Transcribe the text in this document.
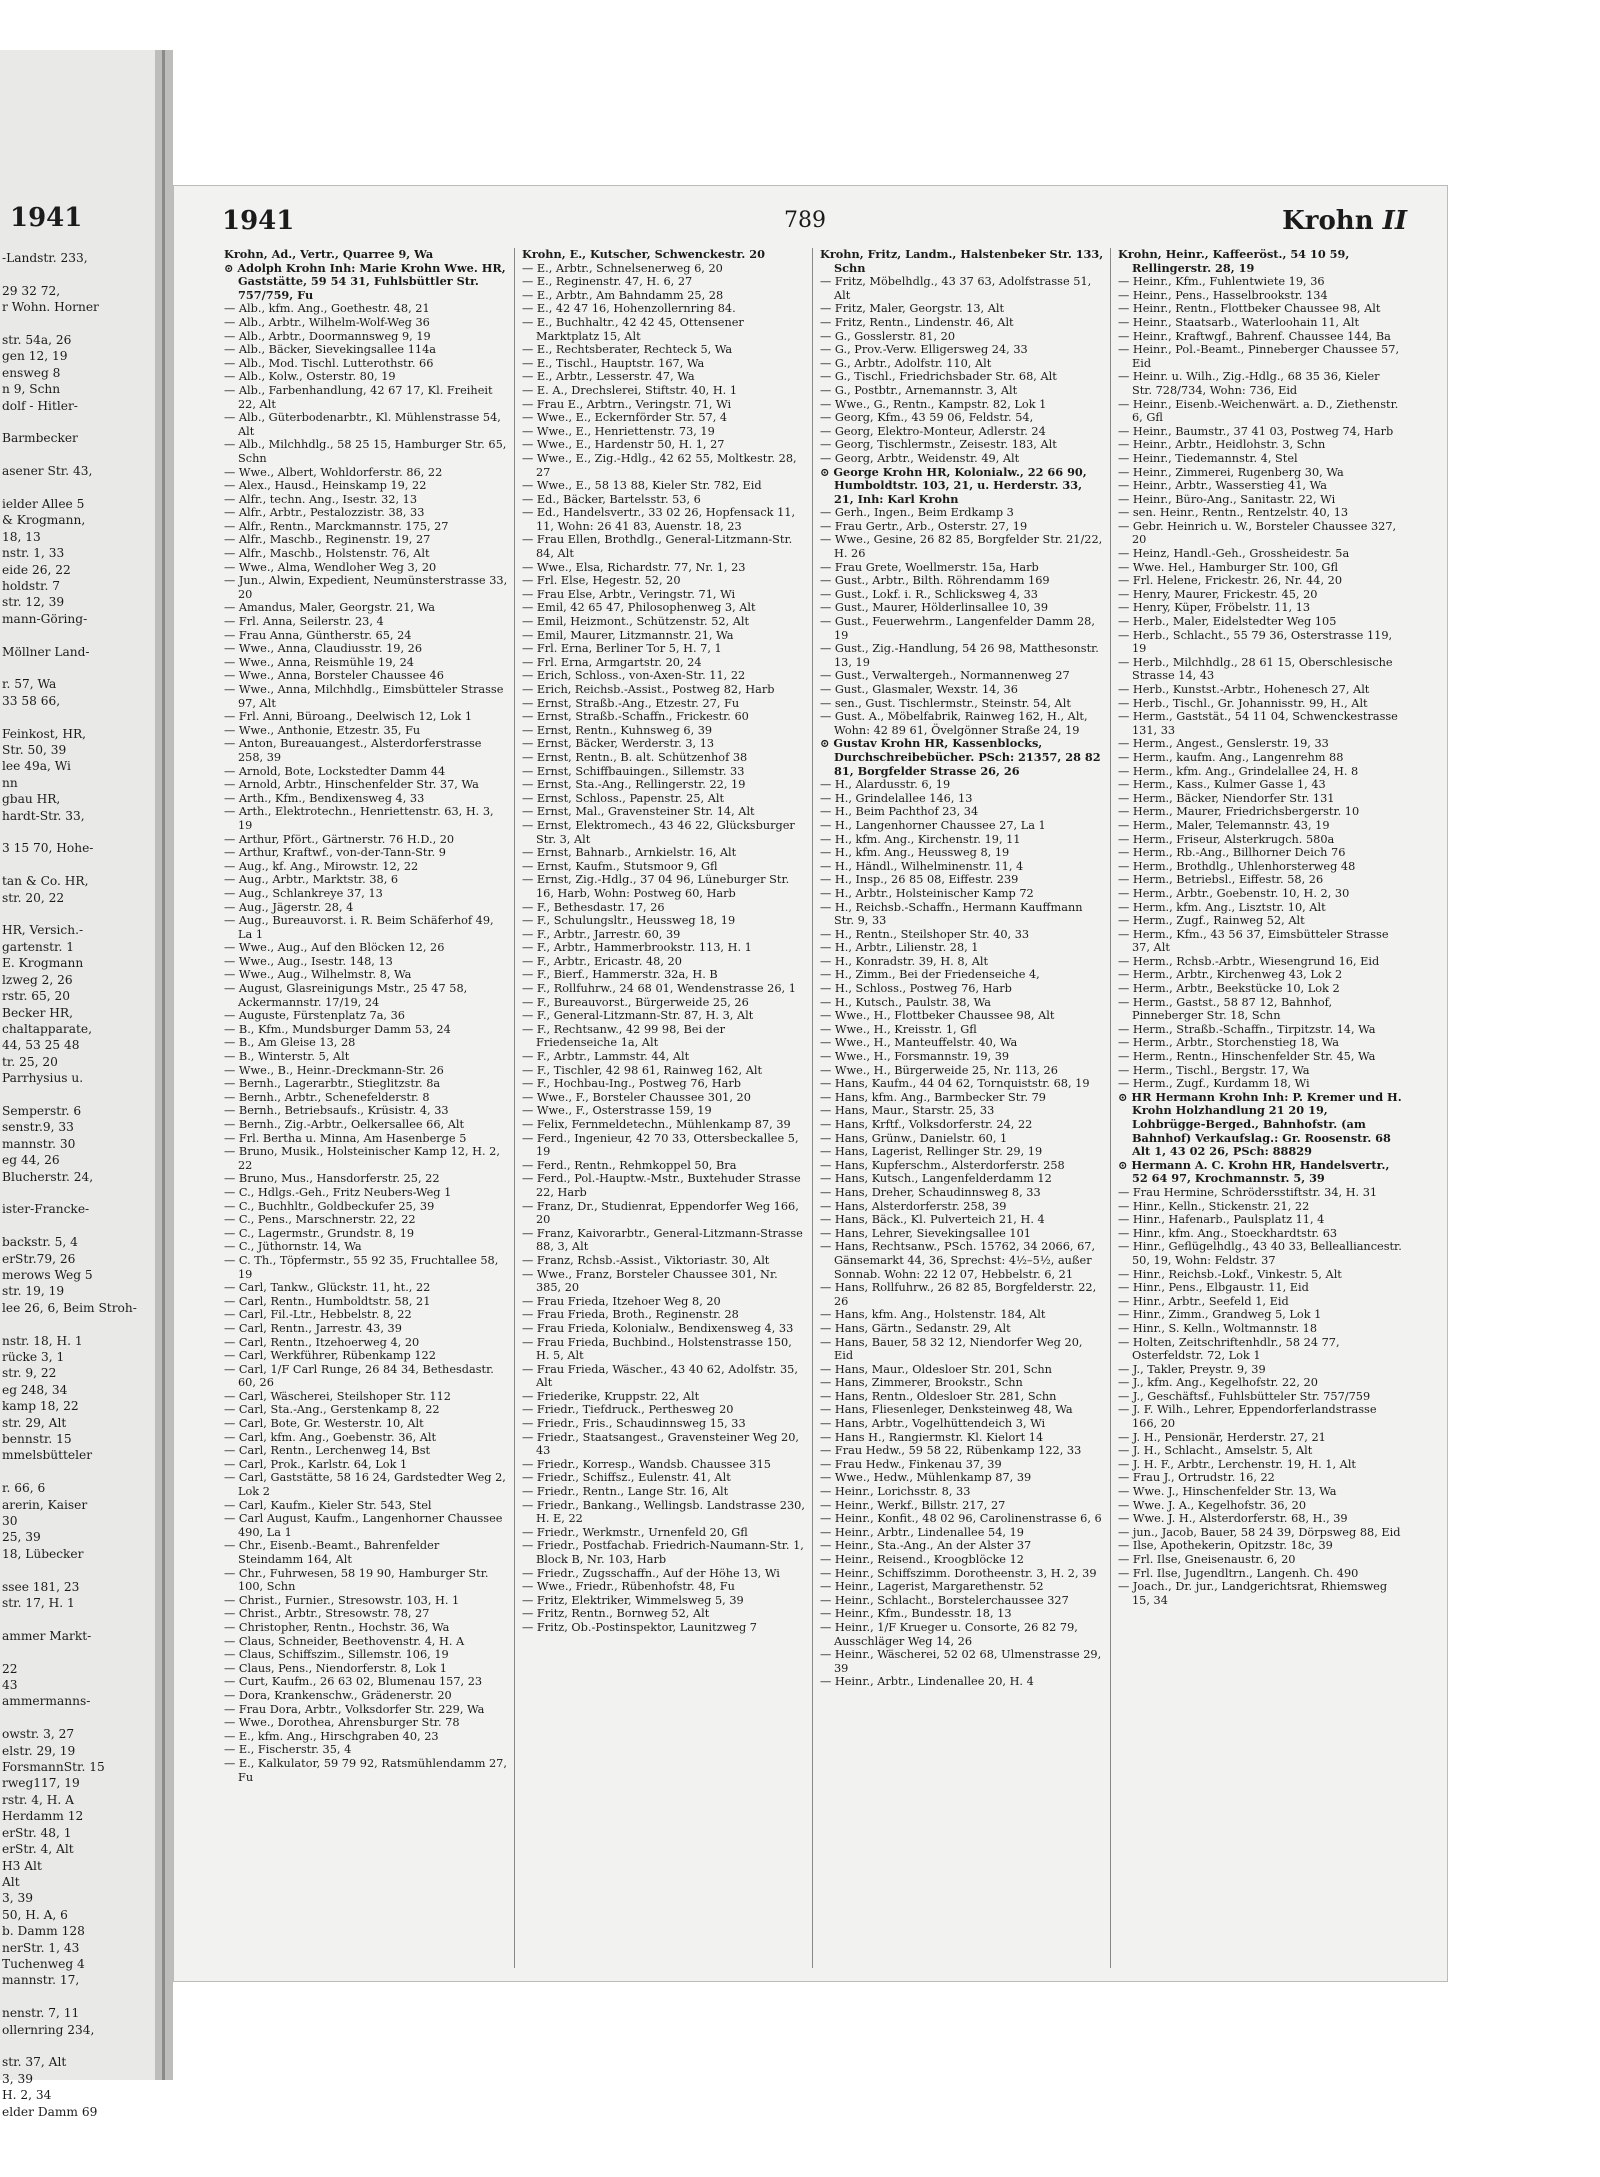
1941
-Landstr. 233,
29 32 72,
r Wohn. Horner
str. 54a, 26
gen 12, 19
ensweg 8
n 9, Schn
dolf - Hitler-
Barmbecker
asener Str. 43,
ielder Allee 5
& Krogmann,
18, 13
nstr. 1, 33
eide 26, 22
holdstr. 7
str. 12, 39
mann-Göring-
Möllner Land-
r. 57, Wa
33 58 66,
Feinkost, HR,
Str. 50, 39
lee 49a, Wi
nn
gbau HR,
hardt-Str. 33,
3 15 70, Hohe-
tan & Co. HR,
str. 20, 22
HR, Versich.-
gartenstr. 1
E. Krogmann
lzweg 2, 26
rstr. 65, 20
Becker HR,
chaltapparate,
44, 53 25 48
tr. 25, 20
Parrhysius u.
Semperstr. 6
senstr.9, 33
mannstr. 30
eg 44, 26
Blucherstr. 24,
ister-Francke-
backstr. 5, 4
erStr.79, 26
merows Weg 5
str. 19, 19
lee 26, 6, Beim Stroh-
nstr. 18, H. 1
rücke 3, 1
str. 9, 22
eg 248, 34
kamp 18, 22
str. 29, Alt
bennstr. 15
mmelsbütteler
r. 66, 6
arerin, Kaiser
30
25, 39
18, Lübecker
ssee 181, 23
str. 17, H. 1
ammer Markt-
22
43
ammermanns-
owstr. 3, 27
elstr. 29, 19
ForsmannStr. 15
rweg117, 19
rstr. 4, H. A
Herdamm 12
erStr. 48, 1
erStr. 4, Alt
H3 Alt
Alt
3, 39
50, H. A, 6
b. Damm 128
nerStr. 1, 43
Tuchenweg 4
mannstr. 17,
nenstr. 7, 11
ollernring 234,
str. 37, Alt
3, 39
H. 2, 34
elder Damm 69
1941	789	Krohn II
Krohn, Ad., Vertr., Quarree 9, Wa
⊙ Adolph Krohn Inh: Marie Krohn Wwe. HR, Gaststätte, 59 54 31, Fuhlsbüttler Str. 757/759, Fu
— Alb., kfm. Ang., Goethestr. 48, 21
— Alb., Arbtr., Wilhelm-Wolf-Weg 36
— Alb., Arbtr., Doormannsweg 9, 19
— Alb., Bäcker, Sievekingsallee 114a
— Alb., Mod. Tischl. Lutterothstr. 66
— Alb., Kolw., Osterstr. 80, 19
— Alb., Farbenhandlung, 42 67 17, Kl. Freiheit 22, Alt
— Alb., Güterbodenarbtr., Kl. Mühlenstrasse 54, Alt
— Alb., Milchhdlg., 58 25 15, Hamburger Str. 65, Schn
— Wwe., Albert, Wohldorferstr. 86, 22
— Alex., Hausd., Heinskamp 19, 22
— Alfr., techn. Ang., Isestr. 32, 13
— Alfr., Arbtr., Pestalozzistr. 38, 33
— Alfr., Rentn., Marckmannstr. 175, 27
— Alfr., Maschb., Reginenstr. 19, 27
— Alfr., Maschb., Holstenstr. 76, Alt
— Wwe., Alma, Wendloher Weg 3, 20
— Jun., Alwin, Expedient, Neumünsterstrasse 33, 20
— Amandus, Maler, Georgstr. 21, Wa
— Frl. Anna, Seilerstr. 23, 4
— Frau Anna, Güntherstr. 65, 24
— Wwe., Anna, Claudiusstr. 19, 26
— Wwe., Anna, Reismühle 19, 24
— Wwe., Anna, Borsteler Chaussee 46
— Wwe., Anna, Milchhdlg., Eimsbütteler Strasse 97, Alt
— Frl. Anni, Büroang., Deelwisch 12, Lok 1
— Wwe., Anthonie, Etzestr. 35, Fu
— Anton, Bureauangest., Alsterdorferstrasse 258, 39
— Arnold, Bote, Lockstedter Damm 44
— Arnold, Arbtr., Hinschenfelder Str. 37, Wa
— Arth., Kfm., Bendixensweg 4, 33
— Arth., Elektrotechn., Henriettenstr. 63, H. 3, 19
— Arthur, Pfört., Gärtnerstr. 76 H.D., 20
— Arthur, Kraftwf., von-der-Tann-Str. 9
— Aug., kf. Ang., Mirowstr. 12, 22
— Aug., Arbtr., Marktstr. 38, 6
— Aug., Schlankreye 37, 13
— Aug., Jägerstr. 28, 4
— Aug., Bureauvorst. i. R. Beim Schäferhof 49, La 1
— Wwe., Aug., Auf den Blöcken 12, 26
— Wwe., Aug., Isestr. 148, 13
— Wwe., Aug., Wilhelmstr. 8, Wa
— August, Glasreinigungs Mstr., 25 47 58, Ackermannstr. 17/19, 24
— Auguste, Fürstenplatz 7a, 36
— B., Kfm., Mundsburger Damm 53, 24
— B., Am Gleise 13, 28
— B., Winterstr. 5, Alt
— Wwe., B., Heinr.-Dreckmann-Str. 26
— Bernh., Lagerarbtr., Stieglitzstr. 8a
— Bernh., Arbtr., Schenefelderstr. 8
— Bernh., Betriebsaufs., Krüsistr. 4, 33
— Bernh., Zig.-Arbtr., Oelkersallee 66, Alt
— Frl. Bertha u. Minna, Am Hasenberge 5
— Bruno, Musik., Holsteinischer Kamp 12, H. 2, 22
— Bruno, Mus., Hansdorferstr. 25, 22
— C., Hdlgs.-Geh., Fritz Neubers-Weg 1
— C., Buchhltr., Goldbeckufer 25, 39
— C., Pens., Marschnerstr. 22, 22
— C., Lagermstr., Grundstr. 8, 19
— C., Jüthornstr. 14, Wa
— C. Th., Töpfermstr., 55 92 35, Fruchtallee 58, 19
— Carl, Tankw., Glückstr. 11, ht., 22
— Carl, Rentn., Humboldtstr. 58, 21
— Carl, Fil.-Ltr., Hebbelstr. 8, 22
— Carl, Rentn., Jarrestr. 43, 39
— Carl, Rentn., Itzehoerweg 4, 20
— Carl, Werkführer, Rübenkamp 122
— Carl, 1/F Carl Runge, 26 84 34, Bethesdastr. 60, 26
— Carl, Wäscherei, Steilshoper Str. 112
— Carl, Sta.-Ang., Gerstenkamp 8, 22
— Carl, Bote, Gr. Westerstr. 10, Alt
— Carl, kfm. Ang., Goebenstr. 36, Alt
— Carl, Rentn., Lerchenweg 14, Bst
— Carl, Prok., Karlstr. 64, Lok 1
— Carl, Gaststätte, 58 16 24, Gardstedter Weg 2, Lok 2
— Carl, Kaufm., Kieler Str. 543, Stel
— Carl August, Kaufm., Langenhorner Chaussee 490, La 1
— Chr., Eisenb.-Beamt., Bahrenfelder Steindamm 164, Alt
— Chr., Fuhrwesen, 58 19 90, Hamburger Str. 100, Schn
— Christ., Furnier., Stresowstr. 103, H. 1
— Christ., Arbtr., Stresowstr. 78, 27
— Christopher, Rentn., Hochstr. 36, Wa
— Claus, Schneider, Beethovenstr. 4, H. A
— Claus, Schiffszim., Sillemstr. 106, 19
— Claus, Pens., Niendorferstr. 8, Lok 1
— Curt, Kaufm., 26 63 02, Blumenau 157, 23
— Dora, Krankenschw., Grädenerstr. 20
— Frau Dora, Arbtr., Volksdorfer Str. 229, Wa
— Wwe., Dorothea, Ahrensburger Str. 78
— E., kfm. Ang., Hirschgraben 40, 23
— E., Fischerstr. 35, 4
— E., Kalkulator, 59 79 92, Ratsmühlendamm 27, Fu
Krohn, E., Kutscher, Schwenckestr. 20
— E., Arbtr., Schnelsenerweg 6, 20
— E., Reginenstr. 47, H. 6, 27
— E., Arbtr., Am Bahndamm 25, 28
— E., 42 47 16, Hohenzollernring 84.
— E., Buchhaltr., 42 42 45, Ottensener Marktplatz 15, Alt
— E., Rechtsberater, Rechteck 5, Wa
— E., Tischl., Hauptstr. 167, Wa
— E., Arbtr., Lesserstr. 47, Wa
— E. A., Drechslerei, Stiftstr. 40, H. 1
— Frau E., Arbtrn., Veringstr. 71, Wi
— Wwe., E., Eckernförder Str. 57, 4
— Wwe., E., Henriettenstr. 73, 19
— Wwe., E., Hardenstr 50, H. 1, 27
— Wwe., E., Zig.-Hdlg., 42 62 55, Moltkestr. 28, 27
— Wwe., E., 58 13 88, Kieler Str. 782, Eid
— Ed., Bäcker, Bartelsstr. 53, 6
— Ed., Handelsvertr., 33 02 26, Hopfensack 11, 11, Wohn: 26 41 83, Auenstr. 18, 23
— Frau Ellen, Brothdlg., General-Litzmann-Str. 84, Alt
— Wwe., Elsa, Richardstr. 77, Nr. 1, 23
— Frl. Else, Hegestr. 52, 20
— Frau Else, Arbtr., Veringstr. 71, Wi
— Emil, 42 65 47, Philosophenweg 3, Alt
— Emil, Heizmont., Schützenstr. 52, Alt
— Emil, Maurer, Litzmannstr. 21, Wa
— Frl. Erna, Berliner Tor 5, H. 7, 1
— Frl. Erna, Armgartstr. 20, 24
— Erich, Schloss., von-Axen-Str. 11, 22
— Erich, Reichsb.-Assist., Postweg 82, Harb
— Ernst, Straßb.-Ang., Etzestr. 27, Fu
— Ernst, Straßb.-Schaffn., Frickestr. 60
— Ernst, Rentn., Kuhnsweg 6, 39
— Ernst, Bäcker, Werderstr. 3, 13
— Ernst, Rentn., B. alt. Schützenhof 38
— Ernst, Schiffbauingen., Sillemstr. 33
— Ernst, Sta.-Ang., Rellingerstr. 22, 19
— Ernst, Schloss., Papenstr. 25, Alt
— Ernst, Mal., Gravensteiner Str. 14, Alt
— Ernst, Elektromech., 43 46 22, Glücksburger Str. 3, Alt
— Ernst, Bahnarb., Arnkielstr. 16, Alt
— Ernst, Kaufm., Stutsmoor 9, Gfl
— Ernst, Zig.-Hdlg., 37 04 96, Lüneburger Str. 16, Harb, Wohn: Postweg 60, Harb
— F., Bethesdastr. 17, 26
— F., Schulungsltr., Heussweg 18, 19
— F., Arbtr., Jarrestr. 60, 39
— F., Arbtr., Hammerbrookstr. 113, H. 1
— F., Arbtr., Ericastr. 48, 20
— F., Bierf., Hammerstr. 32a, H. B
— F., Rollfuhrw., 24 68 01, Wendenstrasse 26, 1
— F., Bureauvorst., Bürgerweide 25, 26
— F., General-Litzmann-Str. 87, H. 3, Alt
— F., Rechtsanw., 42 99 98, Bei der Friedenseiche 1a, Alt
— F., Arbtr., Lammstr. 44, Alt
— F., Tischler, 42 98 61, Rainweg 162, Alt
— F., Hochbau-Ing., Postweg 76, Harb
— Wwe., F., Borsteler Chaussee 301, 20
— Wwe., F., Osterstrasse 159, 19
— Felix, Fernmeldetechn., Mühlenkamp 87, 39
— Ferd., Ingenieur, 42 70 33, Ottersbeckallee 5, 19
— Ferd., Rentn., Rehmkoppel 50, Bra
— Ferd., Pol.-Hauptw.-Mstr., Buxtehuder Strasse 22, Harb
— Franz, Dr., Studienrat, Eppendorfer Weg 166, 20
— Franz, Kaivorarbtr., General-Litzmann-Strasse 88, 3, Alt
— Franz, Rchsb.-Assist., Viktoriastr. 30, Alt
— Wwe., Franz, Borsteler Chaussee 301, Nr. 385, 20
— Frau Frieda, Itzehoer Weg 8, 20
— Frau Frieda, Broth., Reginenstr. 28
— Frau Frieda, Kolonialw., Bendixensweg 4, 33
— Frau Frieda, Buchbind., Holstenstrasse 150, H. 5, Alt
— Frau Frieda, Wäscher., 43 40 62, Adolfstr. 35, Alt
— Friederike, Kruppstr. 22, Alt
— Friedr., Tiefdruck., Perthesweg 20
— Friedr., Fris., Schaudinnsweg 15, 33
— Friedr., Staatsangest., Gravensteiner Weg 20, 43
— Friedr., Korresp., Wandsb. Chaussee 315
— Friedr., Schiffsz., Eulenstr. 41, Alt
— Friedr., Rentn., Lange Str. 16, Alt
— Friedr., Bankang., Wellingsb. Landstrasse 230, H. E, 22
— Friedr., Werkmstr., Urnenfeld 20, Gfl
— Friedr., Postfachab. Friedrich-Naumann-Str. 1, Block B, Nr. 103, Harb
— Friedr., Zugsschaffn., Auf der Höhe 13, Wi
— Wwe., Friedr., Rübenhofstr. 48, Fu
— Fritz, Elektriker, Wimmelsweg 5, 39
— Fritz, Rentn., Bornweg 52, Alt
— Fritz, Ob.-Postinspektor, Launitzweg 7
Krohn, Fritz, Landm., Halstenbeker Str. 133, Schn
— Fritz, Möbelhdlg., 43 37 63, Adolfstrasse 51, Alt
— Fritz, Maler, Georgstr. 13, Alt
— Fritz, Rentn., Lindenstr. 46, Alt
— G., Gosslerstr. 81, 20
— G., Prov.-Verw. Elligersweg 24, 33
— G., Arbtr., Adolfstr. 110, Alt
— G., Tischl., Friedrichsbader Str. 68, Alt
— G., Postbtr., Arnemannstr. 3, Alt
— Wwe., G., Rentn., Kampstr. 82, Lok 1
— Georg, Kfm., 43 59 06, Feldstr. 54,
— Georg, Elektro-Monteur, Adlerstr. 24
— Georg, Tischlermstr., Zeisestr. 183, Alt
— Georg, Arbtr., Weidenstr. 49, Alt
⊙ George Krohn HR, Kolonialw., 22 66 90, Humboldtstr. 103, 21, u. Herderstr. 33, 21, Inh: Karl Krohn
— Gerh., Ingen., Beim Erdkamp 3
— Frau Gertr., Arb., Osterstr. 27, 19
— Wwe., Gesine, 26 82 85, Borgfelder Str. 21/22, H. 26
— Frau Grete, Woellmerstr. 15a, Harb
— Gust., Arbtr., Bilth. Röhrendamm 169
— Gust., Lokf. i. R., Schlicksweg 4, 33
— Gust., Maurer, Hölderlinsallee 10, 39
— Gust., Feuerwehrm., Langenfelder Damm 28, 19
— Gust., Zig.-Handlung, 54 26 98, Matthesonstr. 13, 19
— Gust., Verwaltergeh., Normannenweg 27
— Gust., Glasmaler, Wexstr. 14, 36
— sen., Gust. Tischlermstr., Steinstr. 54, Alt
— Gust. A., Möbelfabrik, Rainweg 162, H., Alt, Wohn: 42 89 61, Övelgönner Straße 24, 19
⊙ Gustav Krohn HR, Kassenblocks, Durchschreibebücher. PSch: 21357, 28 82 81, Borgfelder Strasse 26, 26
— H., Alardusstr. 6, 19
— H., Grindelallee 146, 13
— H., Beim Pachthof 23, 34
— H., Langenhorner Chaussee 27, La 1
— H., kfm. Ang., Kirchenstr. 19, 11
— H., kfm. Ang., Heussweg 8, 19
— H., Händl., Wilhelminenstr. 11, 4
— H., Insp., 26 85 08, Eiffestr. 239
— H., Arbtr., Holsteinischer Kamp 72
— H., Reichsb.-Schaffn., Hermann Kauffmann Str. 9, 33
— H., Rentn., Steilshoper Str. 40, 33
— H., Arbtr., Lilienstr. 28, 1
— H., Konradstr. 39, H. 8, Alt
— H., Zimm., Bei der Friedenseiche 4,
— H., Schloss., Postweg 76, Harb
— H., Kutsch., Paulstr. 38, Wa
— Wwe., H., Flottbeker Chaussee 98, Alt
— Wwe., H., Kreisstr. 1, Gfl
— Wwe., H., Manteuffelstr. 40, Wa
— Wwe., H., Forsmannstr. 19, 39
— Wwe., H., Bürgerweide 25, Nr. 113, 26
— Hans, Kaufm., 44 04 62, Tornquiststr. 68, 19
— Hans, kfm. Ang., Barmbecker Str. 79
— Hans, Maur., Starstr. 25, 33
— Hans, Krftf., Volksdorferstr. 24, 22
— Hans, Grünw., Danielstr. 60, 1
— Hans, Lagerist, Rellinger Str. 29, 19
— Hans, Kupferschm., Alsterdorferstr. 258
— Hans, Kutsch., Langenfelderdamm 12
— Hans, Dreher, Schaudinnsweg 8, 33
— Hans, Alsterdorferstr. 258, 39
— Hans, Bäck., Kl. Pulverteich 21, H. 4
— Hans, Lehrer, Sievekingsallee 101
— Hans, Rechtsanw., PSch. 15762, 34 2066, 67, Gänsemarkt 44, 36, Sprechst: 4½–5½, außer Sonnab. Wohn: 22 12 07, Hebbelstr. 6, 21
— Hans, Rollfuhrw., 26 82 85, Borgfelderstr. 22, 26
— Hans, kfm. Ang., Holstenstr. 184, Alt
— Hans, Gärtn., Sedanstr. 29, Alt
— Hans, Bauer, 58 32 12, Niendorfer Weg 20, Eid
— Hans, Maur., Oldesloer Str. 201, Schn
— Hans, Zimmerer, Brookstr., Schn
— Hans, Rentn., Oldesloer Str. 281, Schn
— Hans, Fliesenleger, Denksteinweg 48, Wa
— Hans, Arbtr., Vogelhüttendeich 3, Wi
— Hans H., Rangiermstr. Kl. Kielort 14
— Frau Hedw., 59 58 22, Rübenkamp 122, 33
— Frau Hedw., Finkenau 37, 39
— Wwe., Hedw., Mühlenkamp 87, 39
— Heinr., Lorichsstr. 8, 33
— Heinr., Werkf., Billstr. 217, 27
— Heinr., Konfit., 48 02 96, Carolinenstrasse 6, 6
— Heinr., Arbtr., Lindenallee 54, 19
— Heinr., Sta.-Ang., An der Alster 37
— Heinr., Reisend., Kroogblöcke 12
— Heinr., Schiffszimm. Dorotheenstr. 3, H. 2, 39
— Heinr., Lagerist, Margarethenstr. 52
— Heinr., Schlacht., Borstelerchaussee 327
— Heinr., Kfm., Bundesstr. 18, 13
— Heinr., 1/F Krueger u. Consorte, 26 82 79, Ausschläger Weg 14, 26
— Heinr., Wäscherei, 52 02 68, Ulmenstrasse 29, 39
— Heinr., Arbtr., Lindenallee 20, H. 4
Krohn, Heinr., Kaffeeröst., 54 10 59, Rellingerstr. 28, 19
— Heinr., Kfm., Fuhlentwiete 19, 36
— Heinr., Pens., Hasselbrookstr. 134
— Heinr., Rentn., Flottbeker Chaussee 98, Alt
— Heinr., Staatsarb., Waterloohain 11, Alt
— Heinr., Kraftwgf., Bahrenf. Chaussee 144, Ba
— Heinr., Pol.-Beamt., Pinneberger Chaussee 57, Eid
— Heinr. u. Wilh., Zig.-Hdlg., 68 35 36, Kieler Str. 728/734, Wohn: 736, Eid
— Heinr., Eisenb.-Weichenwärt. a. D., Ziethenstr. 6, Gfl
— Heinr., Baumstr., 37 41 03, Postweg 74, Harb
— Heinr., Arbtr., Heidlohstr. 3, Schn
— Heinr., Tiedemannstr. 4, Stel
— Heinr., Zimmerei, Rugenberg 30, Wa
— Heinr., Arbtr., Wasserstieg 41, Wa
— Heinr., Büro-Ang., Sanitastr. 22, Wi
— sen. Heinr., Rentn., Rentzelstr. 40, 13
— Gebr. Heinrich u. W., Borsteler Chaussee 327, 20
— Heinz, Handl.-Geh., Grossheidestr. 5a
— Wwe. Hel., Hamburger Str. 100, Gfl
— Frl. Helene, Frickestr. 26, Nr. 44, 20
— Henry, Maurer, Frickestr. 45, 20
— Henry, Küper, Fröbelstr. 11, 13
— Herb., Maler, Eidelstedter Weg 105
— Herb., Schlacht., 55 79 36, Osterstrasse 119, 19
— Herb., Milchhdlg., 28 61 15, Oberschlesische Strasse 14, 43
— Herb., Kunstst.-Arbtr., Hohenesch 27, Alt
— Herb., Tischl., Gr. Johannisstr. 99, H., Alt
— Herm., Gaststät., 54 11 04, Schwenckestrasse 131, 33
— Herm., Angest., Genslerstr. 19, 33
— Herm., kaufm. Ang., Langenrehm 88
— Herm., kfm. Ang., Grindelallee 24, H. 8
— Herm., Kass., Kulmer Gasse 1, 43
— Herm., Bäcker, Niendorfer Str. 131
— Herm., Maurer, Friedrichsbergerstr. 10
— Herm., Maler, Telemannstr. 43, 19
— Herm., Friseur, Alsterkrugch. 580a
— Herm., Rb.-Ang., Billhorner Deich 76
— Herm., Brothdlg., Uhlenhorsterweg 48
— Herm., Betriebsl., Eiffestr. 58, 26
— Herm., Arbtr., Goebenstr. 10, H. 2, 30
— Herm., kfm. Ang., Lisztstr. 10, Alt
— Herm., Zugf., Rainweg 52, Alt
— Herm., Kfm., 43 56 37, Eimsbütteler Strasse 37, Alt
— Herm., Rchsb.-Arbtr., Wiesengrund 16, Eid
— Herm., Arbtr., Kirchenweg 43, Lok 2
— Herm., Arbtr., Beekstücke 10, Lok 2
— Herm., Gastst., 58 87 12, Bahnhof, Pinneberger Str. 18, Schn
— Herm., Straßb.-Schaffn., Tirpitzstr. 14, Wa
— Herm., Arbtr., Storchenstieg 18, Wa
— Herm., Rentn., Hinschenfelder Str. 45, Wa
— Herm., Tischl., Bergstr. 17, Wa
— Herm., Zugf., Kurdamm 18, Wi
⊙ HR Hermann Krohn Inh: P. Kremer und H. Krohn Holzhandlung 21 20 19, Lohbrügge-Berged., Bahnhofstr. (am Bahnhof) Verkaufslag.: Gr. Roosenstr. 68 Alt 1, 43 02 26, PSch: 88829
⊙ Hermann A. C. Krohn HR, Handelsvertr., 52 64 97, Krochmannstr. 5, 39
— Frau Hermine, Schrödersstiftstr. 34, H. 31
— Hinr., Kelln., Stickenstr. 21, 22
— Hinr., Hafenarb., Paulsplatz 11, 4
— Hinr., kfm. Ang., Stoeckhardtstr. 63
— Hinr., Geflügelhdlg., 43 40 33, Bellealliancestr. 50, 19, Wohn: Feldstr. 37
— Hinr., Reichsb.-Lokf., Vinkestr. 5, Alt
— Hinr., Pens., Elbgaustr. 11, Eid
— Hinr., Arbtr., Seefeld 1, Eid
— Hinr., Zimm., Grandweg 5, Lok 1
— Hinr., S. Kelln., Woltmannstr. 18
— Holten, Zeitschriftenhdlr., 58 24 77, Osterfeldstr. 72, Lok 1
— J., Takler, Preystr. 9, 39
— J., kfm. Ang., Kegelhofstr. 22, 20
— J., Geschäftsf., Fuhlsbütteler Str. 757/759
— J. F. Wilh., Lehrer, Eppendorferlandstrasse 166, 20
— J. H., Pensionär, Herderstr. 27, 21
— J. H., Schlacht., Amselstr. 5, Alt
— J. H. F., Arbtr., Lerchenstr. 19, H. 1, Alt
— Frau J., Ortrudstr. 16, 22
— Wwe. J., Hinschenfelder Str. 13, Wa
— Wwe. J. A., Kegelhofstr. 36, 20
— Wwe. J. H., Alsterdorferstr. 68, H., 39
— jun., Jacob, Bauer, 58 24 39, Dörpsweg 88, Eid
— Ilse, Apothekerin, Opitzstr. 18c, 39
— Frl. Ilse, Gneisenaustr. 6, 20
— Frl. Ilse, Jugendltrn., Langenh. Ch. 490
— Joach., Dr. jur., Landgerichtsrat, Rhiemsweg 15, 34
